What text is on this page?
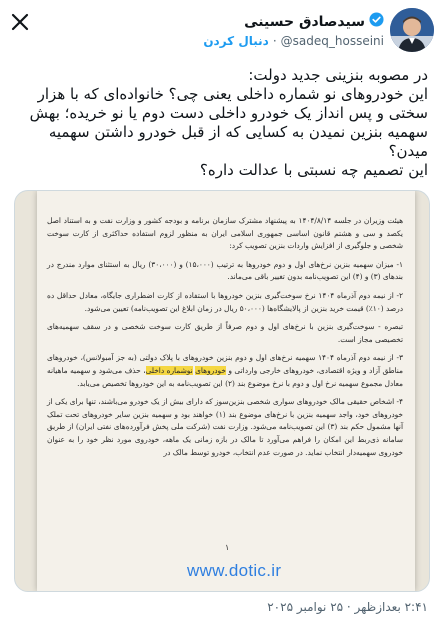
سیدصادق حسینی
دنبال کردن · @sadeq_hosseini

در مصوبه بنزینی جدید دولت:

این خودروهای نو شماره داخلی یعنی چی؟ خانواده‌ای که با هزار سختی و پس انداز یک خودرو داخلی دست دوم یا نو خریده؛ بهش سهمیه بنزین نمیدن به کسایی که از قبل خودرو داشتن سهمیه میدن؟

این تصمیم چه نسبتی با عدالت داره؟

هیئت وزیران در جلسه ۱۴۰۴/۸/۱۴ به پیشنهاد مشترک سازمان برنامه و بودجه کشور و وزارت نفت و به استناد اصل یکصد و سی و هشتم قانون اساسی جمهوری اسلامی ایران به منظور لزوم استفاده حداکثری از کارت سوخت شخصی و جلوگیری از افزایش واردات بنزین تصویب کرد:

۱- میزان سهمیه بنزین نرخ‌های اول و دوم خودروها به ترتیب (۱۵،۰۰۰) و (۳۰،۰۰۰) ریال به استثنای موارد مندرج در بندهای (۳) و (۴) این تصویب‌نامه بدون تغییر باقی می‌ماند.

۲- از نیمه دوم آذرماه ۱۴۰۴ نرخ سوخت‌گیری بنزین خودروها با استفاده از کارت اضطراری جایگاه، معادل حداقل ده درصد (۱۰٪) قیمت خرید بنزین از پالایشگاه‌ها (۵۰،۰۰۰ ریال در زمان ابلاغ این تصویب‌نامه) تعیین می‌شود.

تبصره - سوخت‌گیری بنزین با نرخ‌های اول و دوم صرفاً از طریق کارت سوخت شخصی و در سقف سهمیه‌های تخصیصی مجاز است.

۳- از نیمه دوم آذرماه ۱۴۰۴ سهمیه نرخ‌های اول و دوم بنزین خودروهای با پلاک دولتی (به جز آمبولانس)، خودروهای مناطق آزاد و ویژه اقتصادی، خودروهای خارجی وارداتی و خودروهای نوشماره داخلی، حذف می‌شود و سهمیه ماهیانه معادل مجموع سهمیه نرخ اول و دوم با نرخ موضوع بند (۲) این تصویب‌نامه به این خودروها تخصیص می‌یابد.

۴- اشخاص حقیقی مالک خودروهای سواری شخصی بنزین‌سوز که دارای بیش از یک خودرو می‌باشند، تنها برای یکی از خودروهای خود، واجد سهمیه بنزین با نرخ‌های موضوع بند (۱) خواهند بود و سهمیه بنزین سایر خودروهای تحت تملک آنها مشمول حکم بند (۳) این تصویب‌نامه می‌شود. وزارت نفت (شرکت ملی پخش فرآورده‌های نفتی ایران) از طریق سامانه ذی‌ربط این امکان را فراهم می‌آورد تا مالک در بازه زمانی یک ماهه، خودروی مورد نظر خود را به عنوان خودروی سهمیه‌دار انتخاب نماید. در صورت عدم انتخاب، خودرو توسط مالک در

۱
www.dotic.ir
۲:۴۱ بعدازظهر · ۲۵ نوامبر ۲۰۲۵
